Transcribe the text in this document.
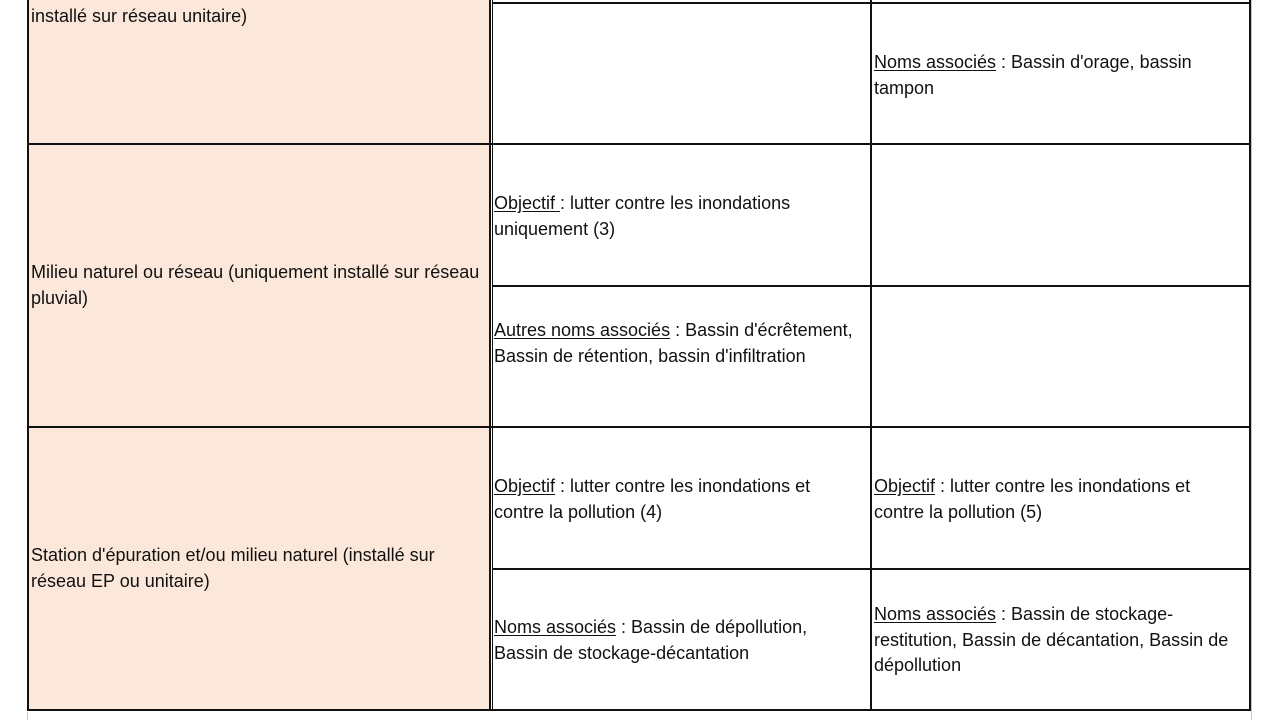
installé sur réseau unitaire)
Milieu naturel ou réseau (uniquement installé sur réseau pluvial)
Station d'épuration et/ou milieu naturel (installé sur réseau EP ou unitaire)
Noms associés : Bassin d'orage, bassin tampon
Objectif : lutter contre les inondations uniquement (3)
Autres noms associés : Bassin d'écrêtement, Bassin de rétention, bassin d'infiltration
Objectif : lutter contre les inondations et contre la pollution (4)
Objectif : lutter contre les inondations et contre la pollution (5)
Noms associés : Bassin de dépollution, Bassin de stockage-décantation
Noms associés : Bassin de stockage-restitution, Bassin de décantation, Bassin de dépollution
